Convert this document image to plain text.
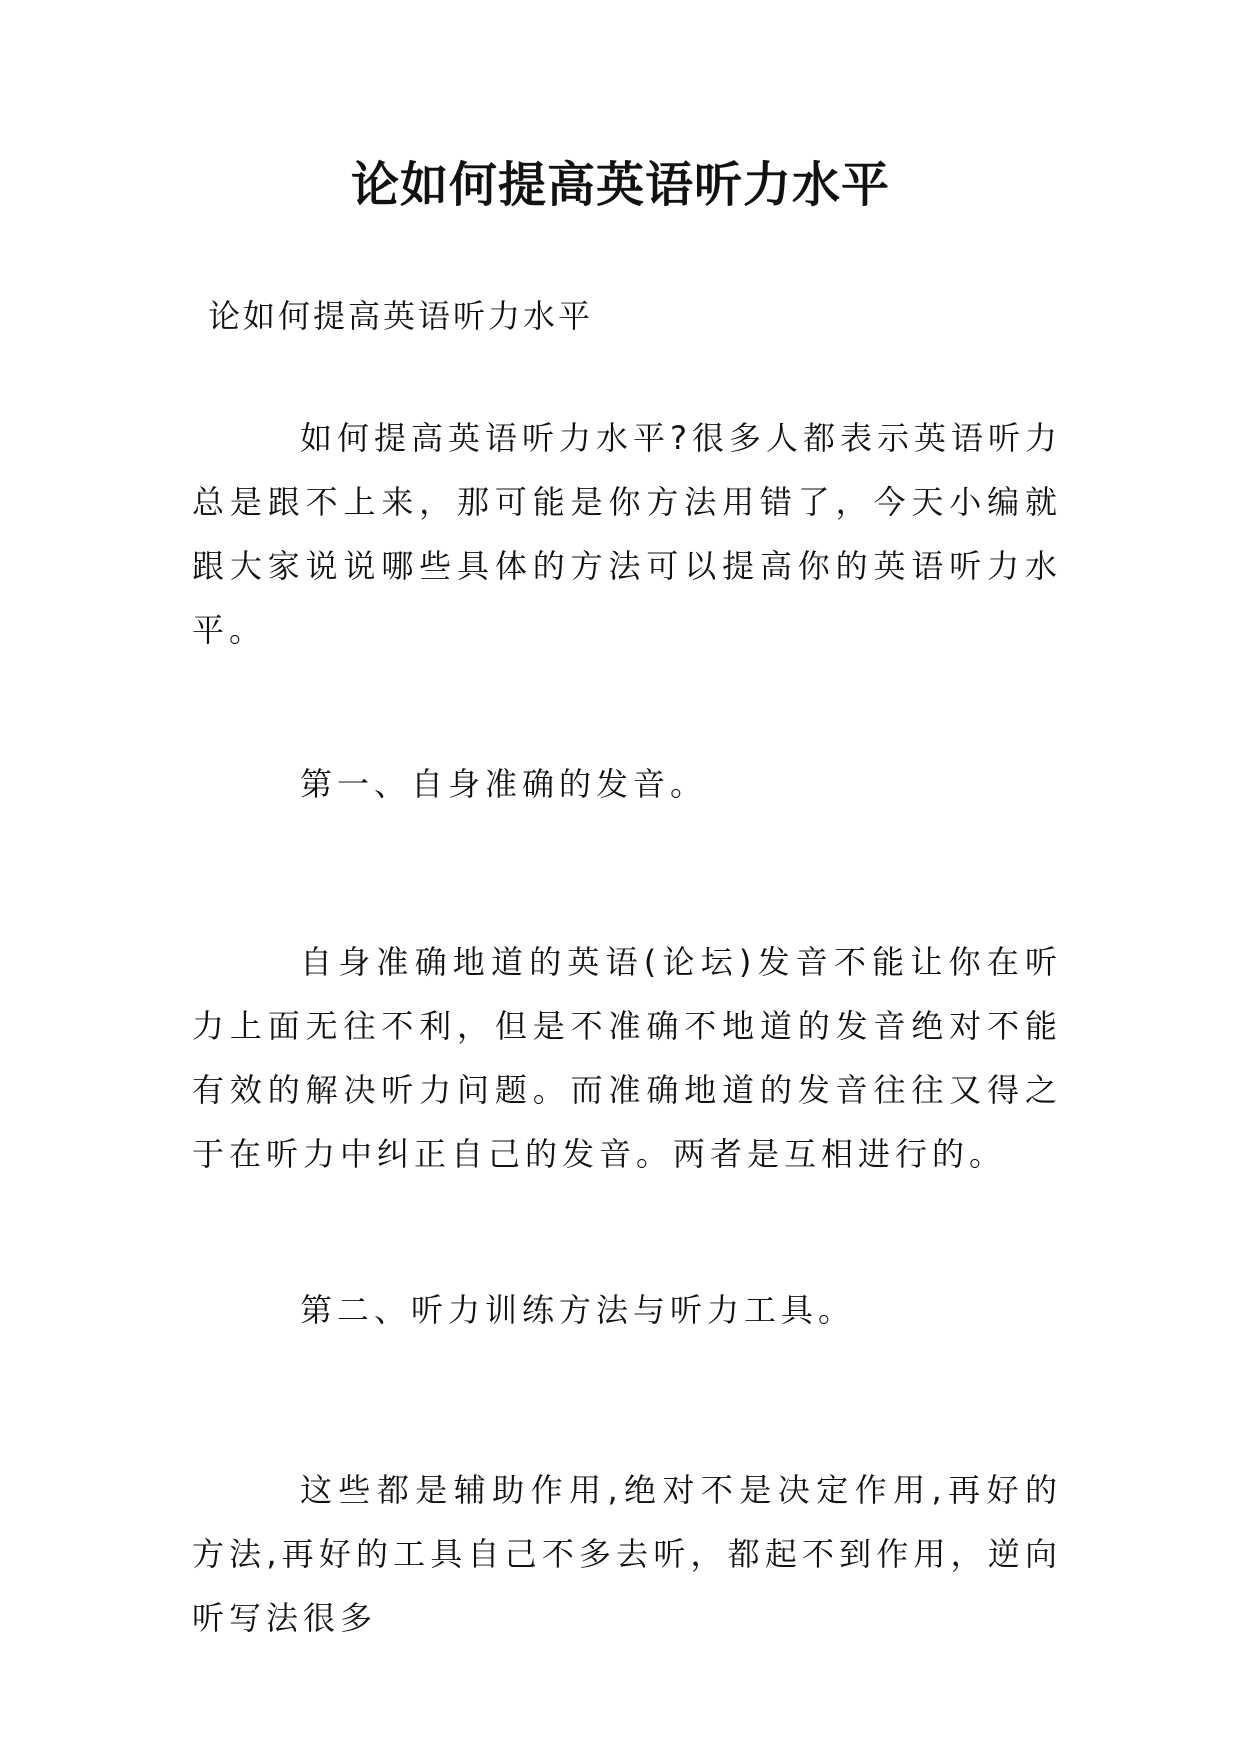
论如何提高英语听力水平
论如何提高英语听力水平
如何提高英语听力水平?很多人都表示英语听力总是跟不上来，那可能是你方法用错了，今天小编就跟大家说说哪些具体的方法可以提高你的英语听力水平。
第一、自身准确的发音。
自身准确地道的英语(论坛)发音不能让你在听力上面无往不利，但是不准确不地道的发音绝对不能有效的解决听力问题。而准确地道的发音往往又得之于在听力中纠正自己的发音。两者是互相进行的。
第二、听力训练方法与听力工具。
这些都是辅助作用,绝对不是决定作用,再好的方法,再好的工具自己不多去听，都起不到作用，逆向听写法很多
